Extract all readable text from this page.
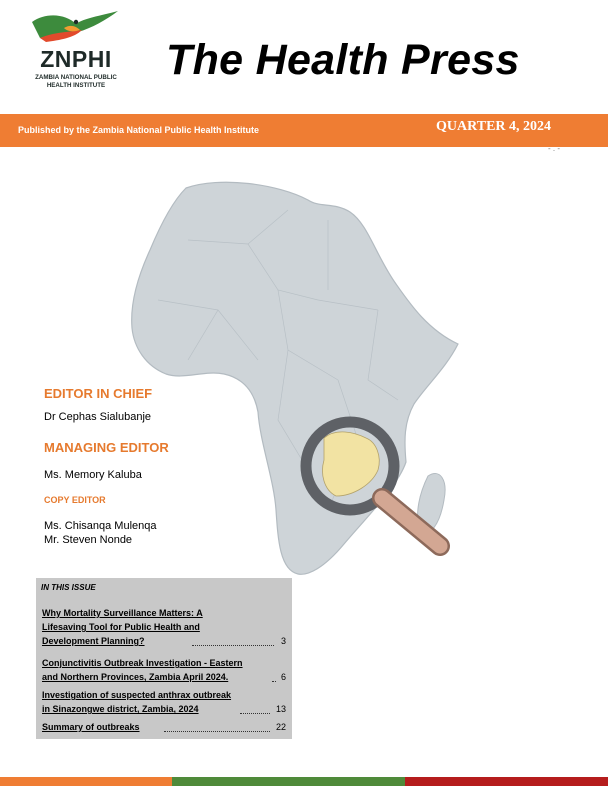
ZNPHI
ZAMBIA NATIONAL PUBLIC HEALTH INSTITUTE
The Health Press
Published by the Zambia National Public Health Institute	QUARTER 4, 2024
- . -
EDITOR IN CHIEF
Dr Cephas Sialubanje
MANAGING EDITOR
Ms. Memory Kaluba
COPY EDITOR
Ms. Chisanqa Mulenqa
Mr. Steven Nonde
IN THIS ISSUE
Why Mortality Surveillance Matters: A
Lifesaving Tool for Public Health and
Development Planning?	3
Conjunctivitis Outbreak Investigation - Eastern
and Northern Provinces, Zambia April 2024.	6
Investigation of suspected anthrax outbreak
in Sinazongwe district, Zambia, 2024	13
Summary of outbreaks	22
